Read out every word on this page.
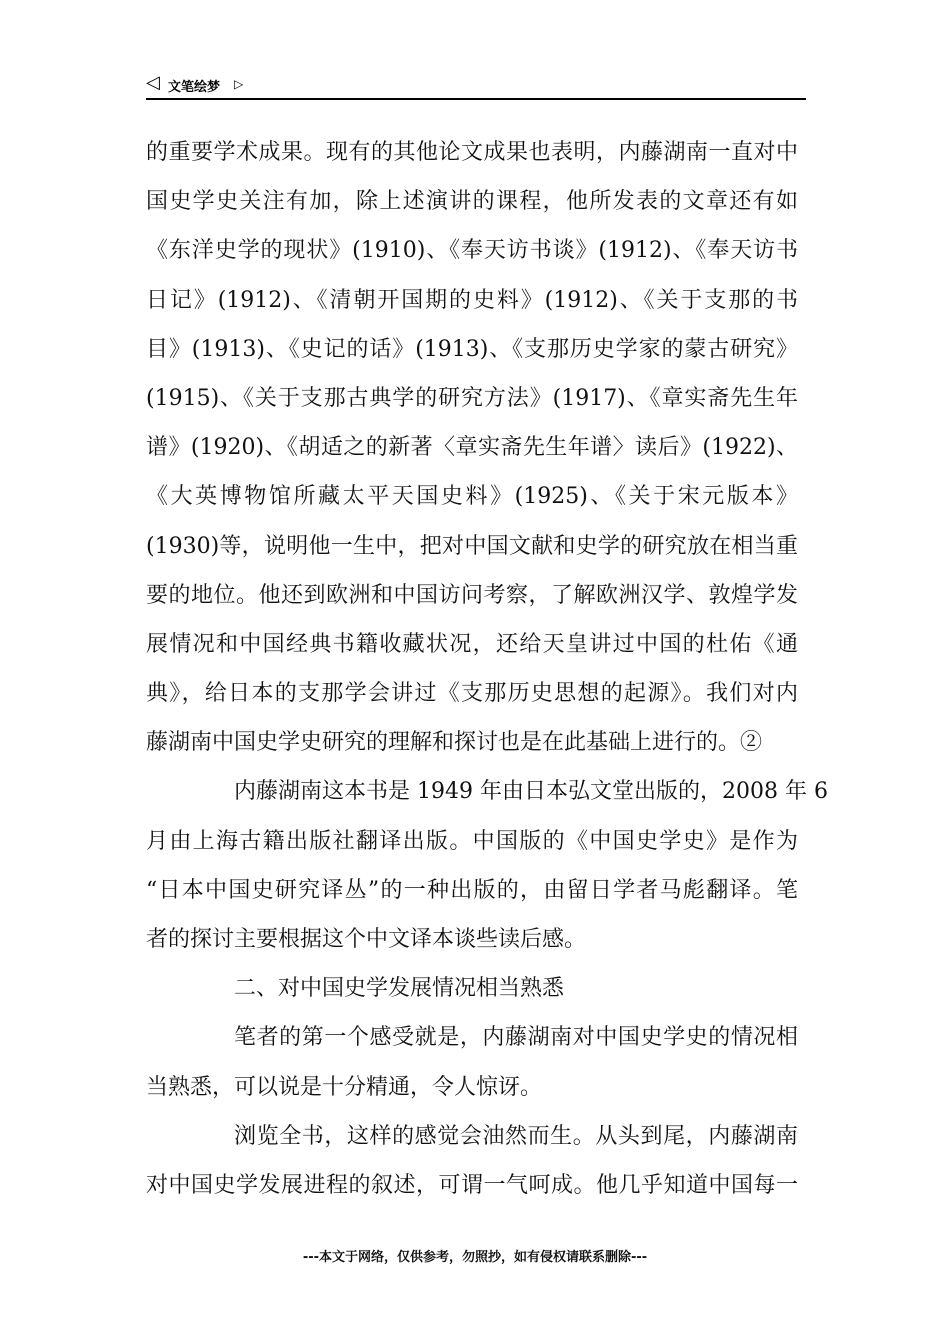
◁ 文笔绘梦 ▷
的重要学术成果。现有的其他论文成果也表明，内藤湖南一直对中
国史学史关注有加，除上述演讲的课程，他所发表的文章还有如
《东洋史学的现状》(1910)、《奉天访书谈》(1912)、《奉天访书
日记》(1912)、《清朝开国期的史料》(1912)、《关于支那的书
目》(1913)、《史记的话》(1913)、《支那历史学家的蒙古研究》
(1915)、《关于支那古典学的研究方法》(1917)、《章实斋先生年
谱》(1920)、《胡适之的新著〈章实斋先生年谱〉读后》(1922)、
《大英博物馆所藏太平天国史料》(1925)、《关于宋元版本》
(1930)等，说明他一生中，把对中国文献和史学的研究放在相当重
要的地位。他还到欧洲和中国访问考察，了解欧洲汉学、敦煌学发
展情况和中国经典书籍收藏状况，还给天皇讲过中国的杜佑《通
典》，给日本的支那学会讲过《支那历史思想的起源》。我们对内
藤湖南中国史学史研究的理解和探讨也是在此基础上进行的。②
内藤湖南这本书是 1949 年由日本弘文堂出版的，2008 年 6
月由上海古籍出版社翻译出版。中国版的《中国史学史》是作为
“日本中国史研究译丛”的一种出版的，由留日学者马彪翻译。笔
者的探讨主要根据这个中文译本谈些读后感。
二、对中国史学发展情况相当熟悉
笔者的第一个感受就是，内藤湖南对中国史学史的情况相
当熟悉，可以说是十分精通，令人惊讶。
浏览全书，这样的感觉会油然而生。从头到尾，内藤湖南
对中国史学发展进程的叙述，可谓一气呵成。他几乎知道中国每一
---本文于网络，仅供参考，勿照抄，如有侵权请联系删除---
